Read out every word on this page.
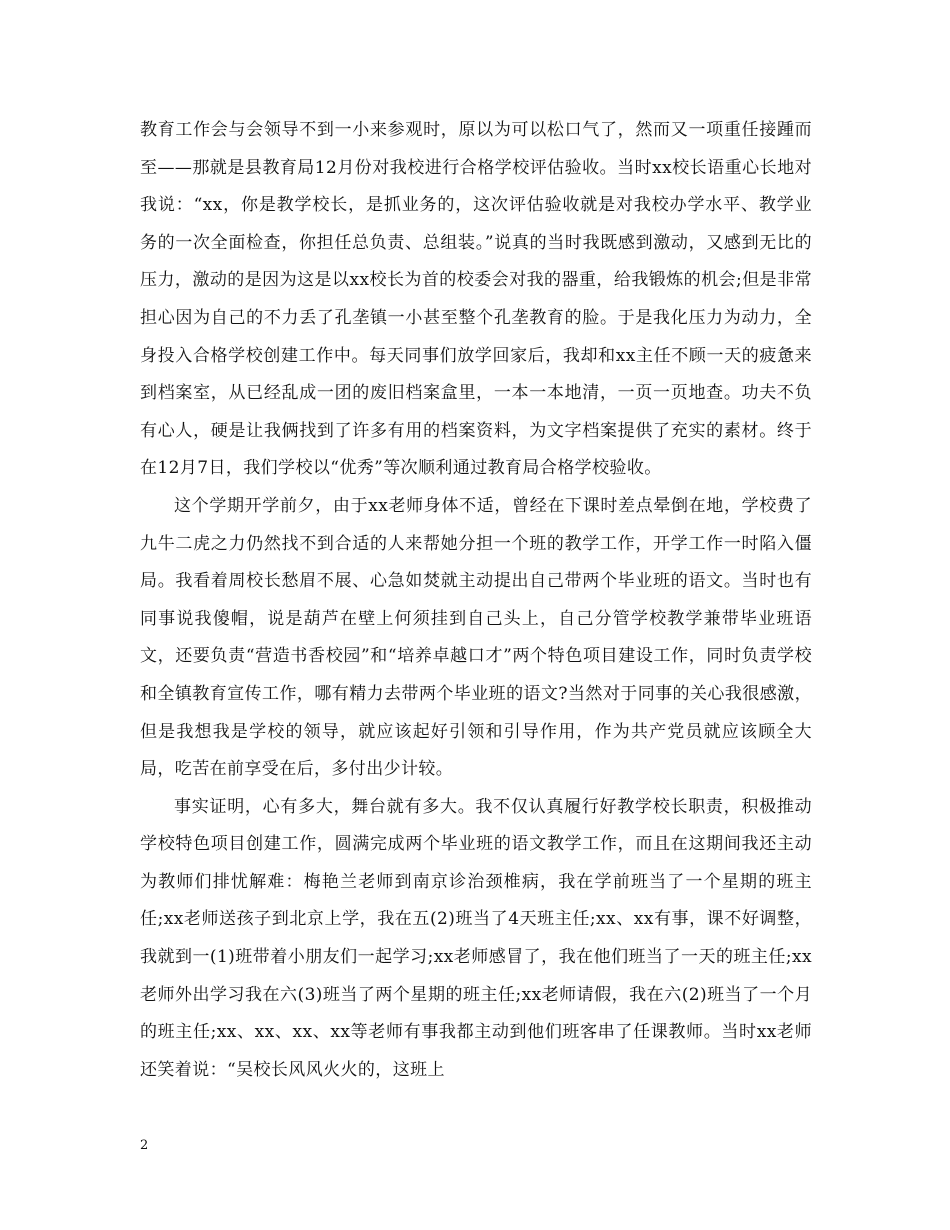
教育工作会与会领导不到一小来参观时，原以为可以松口气了，然而又一项重任接踵而至——那就是县教育局12月份对我校进行合格学校评估验收。当时xx校长语重心长地对我说：“xx，你是教学校长，是抓业务的，这次评估验收就是对我校办学水平、教学业务的一次全面检查，你担任总负责、总组装。”说真的当时我既感到激动，又感到无比的压力，激动的是因为这是以xx校长为首的校委会对我的器重，给我锻炼的机会;但是非常担心因为自己的不力丢了孔垄镇一小甚至整个孔垄教育的脸。于是我化压力为动力，全身投入合格学校创建工作中。每天同事们放学回家后，我却和xx主任不顾一天的疲惫来到档案室，从已经乱成一团的废旧档案盒里，一本一本地清，一页一页地查。功夫不负有心人，硬是让我俩找到了许多有用的档案资料，为文字档案提供了充实的素材。终于在12月7日，我们学校以“优秀”等次顺利通过教育局合格学校验收。

这个学期开学前夕，由于xx老师身体不适，曾经在下课时差点晕倒在地，学校费了九牛二虎之力仍然找不到合适的人来帮她分担一个班的教学工作，开学工作一时陷入僵局。我看着周校长愁眉不展、心急如焚就主动提出自己带两个毕业班的语文。当时也有同事说我傻帽，说是葫芦在壁上何须挂到自己头上，自己分管学校教学兼带毕业班语文，还要负责“营造书香校园”和“培养卓越口才”两个特色项目建设工作，同时负责学校和全镇教育宣传工作，哪有精力去带两个毕业班的语文?当然对于同事的关心我很感激，但是我想我是学校的领导，就应该起好引领和引导作用，作为共产党员就应该顾全大局，吃苦在前享受在后，多付出少计较。

事实证明，心有多大，舞台就有多大。我不仅认真履行好教学校长职责，积极推动学校特色项目创建工作，圆满完成两个毕业班的语文教学工作，而且在这期间我还主动为教师们排忧解难：梅艳兰老师到南京诊治颈椎病，我在学前班当了一个星期的班主任;xx老师送孩子到北京上学，我在五(2)班当了4天班主任;xx、xx有事，课不好调整，我就到一(1)班带着小朋友们一起学习;xx老师感冒了，我在他们班当了一天的班主任;xx老师外出学习我在六(3)班当了两个星期的班主任;xx老师请假，我在六(2)班当了一个月的班主任;xx、xx、xx、xx等老师有事我都主动到他们班客串了任课教师。当时xx老师还笑着说：“吴校长风风火火的，这班上

2
